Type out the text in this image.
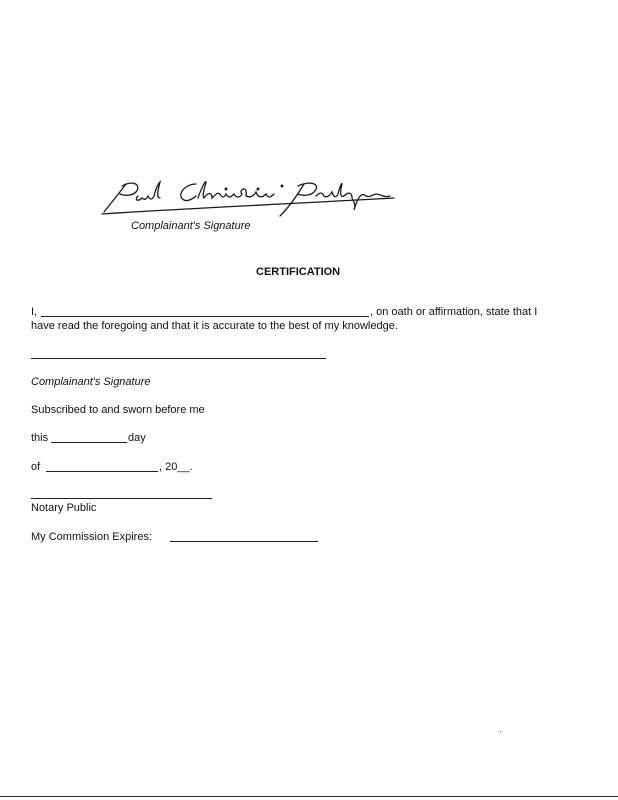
Complainant's Signature
CERTIFICATION
I,	, on oath or affirmation, state that I
have read the foregoing and that it is accurate to the best of my knowledge.
Complainant's Signature
Subscribed to and sworn before me
this	day
of	, 20__.
Notary Public
My Commission Expires:
